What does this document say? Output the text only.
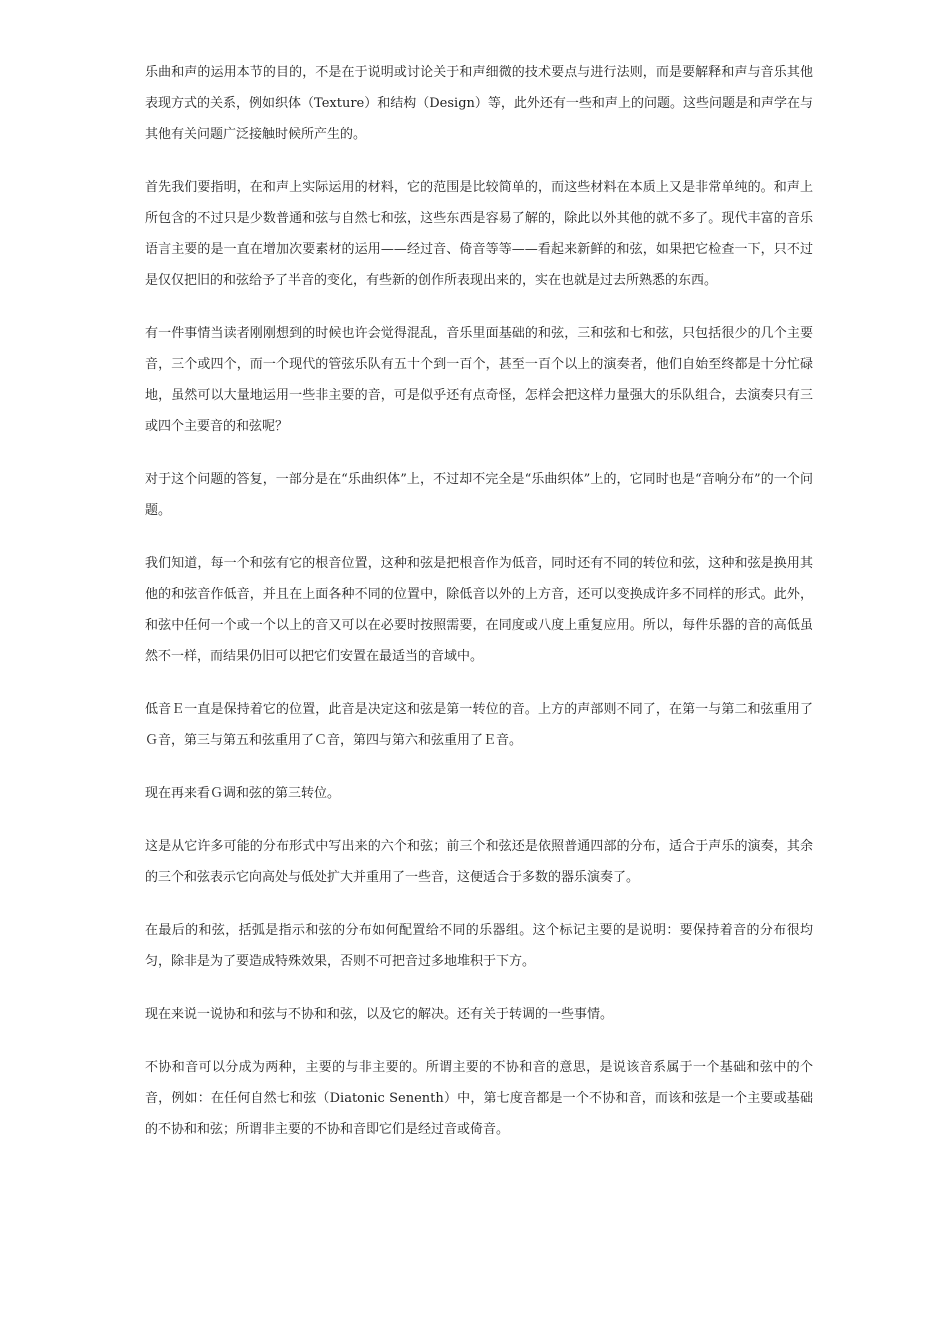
乐曲和声的运用本节的目的，不是在于说明或讨论关于和声细微的技术要点与进行法则，而是要解释和声与音乐其他表现方式的关系，例如织体（Texture）和结构（Design）等，此外还有一些和声上的问题。这些问题是和声学在与其他有关问题广泛接触时候所产生的。

首先我们要指明，在和声上实际运用的材料，它的范围是比较简单的，而这些材料在本质上又是非常单纯的。和声上所包含的不过只是少数普通和弦与自然七和弦，这些东西是容易了解的，除此以外其他的就不多了。现代丰富的音乐语言主要的是一直在增加次要素材的运用——经过音、倚音等等——看起来新鲜的和弦，如果把它检查一下，只不过是仅仅把旧的和弦给予了半音的变化，有些新的创作所表现出来的，实在也就是过去所熟悉的东西。

有一件事情当读者刚刚想到的时候也许会觉得混乱，音乐里面基础的和弦，三和弦和七和弦，只包括很少的几个主要音，三个或四个，而一个现代的管弦乐队有五十个到一百个，甚至一百个以上的演奏者，他们自始至终都是十分忙碌地，虽然可以大量地运用一些非主要的音，可是似乎还有点奇怪，怎样会把这样力量强大的乐队组合，去演奏只有三或四个主要音的和弦呢？

对于这个问题的答复，一部分是在“乐曲织体”上，不过却不完全是“乐曲织体”上的，它同时也是“音响分布”的一个问题。

我们知道，每一个和弦有它的根音位置，这种和弦是把根音作为低音，同时还有不同的转位和弦，这种和弦是换用其他的和弦音作低音，并且在上面各种不同的位置中，除低音以外的上方音，还可以变换成许多不同样的形式。此外，和弦中任何一个或一个以上的音又可以在必要时按照需要，在同度或八度上重复应用。所以，每件乐器的音的高低虽然不一样，而结果仍旧可以把它们安置在最适当的音域中。

低音Ｅ一直是保持着它的位置，此音是决定这和弦是第一转位的音。上方的声部则不同了，在第一与第二和弦重用了Ｇ音，第三与第五和弦重用了Ｃ音，第四与第六和弦重用了Ｅ音。

现在再来看Ｇ调和弦的第三转位。

这是从它许多可能的分布形式中写出来的六个和弦；前三个和弦还是依照普通四部的分布，适合于声乐的演奏，其余的三个和弦表示它向高处与低处扩大并重用了一些音，这便适合于多数的器乐演奏了。

在最后的和弦，括弧是指示和弦的分布如何配置给不同的乐器组。这个标记主要的是说明：要保持着音的分布很均匀，除非是为了要造成特殊效果，否则不可把音过多地堆积于下方。

现在来说一说协和和弦与不协和和弦，以及它的解决。还有关于转调的一些事情。

不协和音可以分成为两种，主要的与非主要的。所谓主要的不协和音的意思，是说该音系属于一个基础和弦中的个音，例如：在任何自然七和弦（Diatonic Senenth）中，第七度音都是一个不协和音，而该和弦是一个主要或基础的不协和和弦；所谓非主要的不协和音即它们是经过音或倚音。
